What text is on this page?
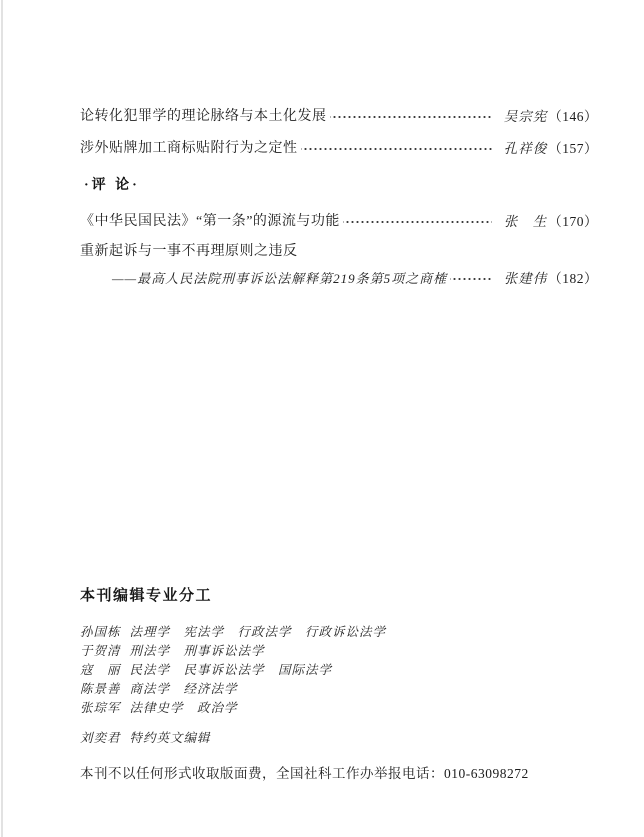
论转化犯罪学的理论脉络与本土化发展	吴宗宪 （146）
涉外贴牌加工商标贴附行为之定性	孔祥俊 （157）
·评 论·
《中华民国民法》“第一条”的源流与功能	张　生 （170）
重新起诉与一事不再理原则之违反
——最高人民法院刑事诉讼法解释第219条第5项之商榷	张建伟 （182）
本刊编辑专业分工
孙国栋 法理学　宪法学　行政法学　行政诉讼法学
于贺清 刑法学　刑事诉讼法学
寇　丽 民法学　民事诉讼法学　国际法学
陈景善 商法学　经济法学
张琮军 法律史学　政治学
刘奕君 特约英文编辑
本刊不以任何形式收取版面费，全国社科工作办举报电话：010-63098272
